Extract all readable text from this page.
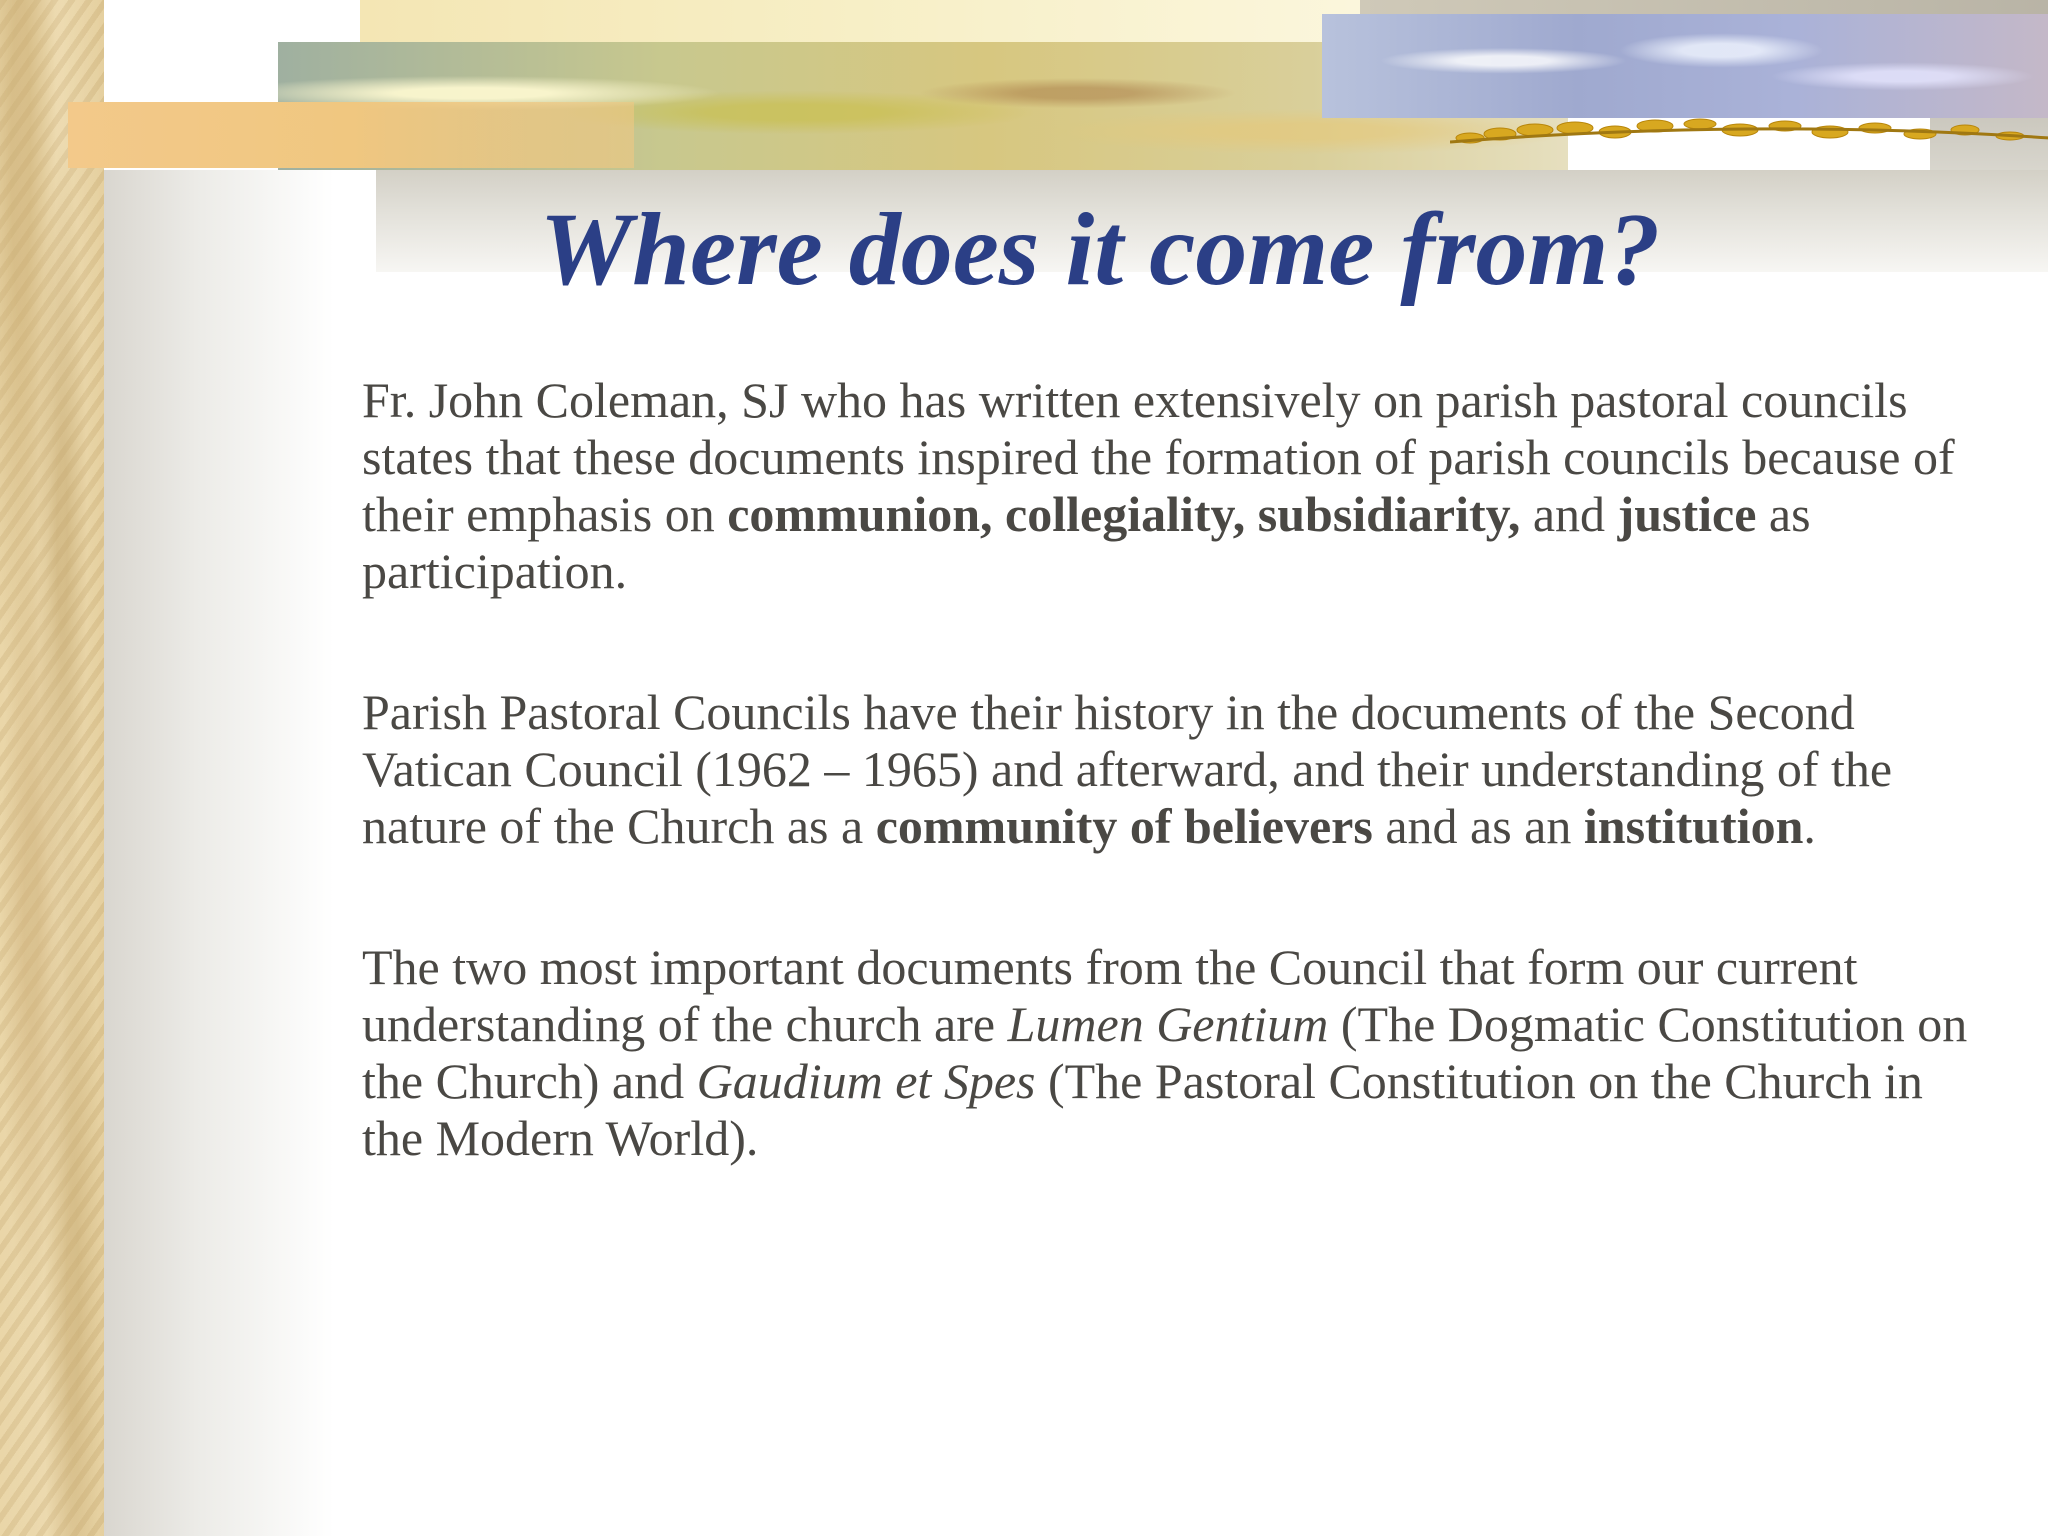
Where does it come from?

Fr. John Coleman, SJ who has written extensively on parish pastoral councils states that these documents inspired the formation of parish councils because of their emphasis on communion, collegiality, subsidiarity, and justice as participation.

Parish Pastoral Councils have their history in the documents of the Second Vatican Council (1962 – 1965) and afterward, and their understanding of the nature of the Church as a community of believers and as an institution.

The two most important documents from the Council that form our current understanding of the church are Lumen Gentium (The Dogmatic Constitution on the Church) and Gaudium et Spes (The Pastoral Constitution on the Church in the Modern World).
